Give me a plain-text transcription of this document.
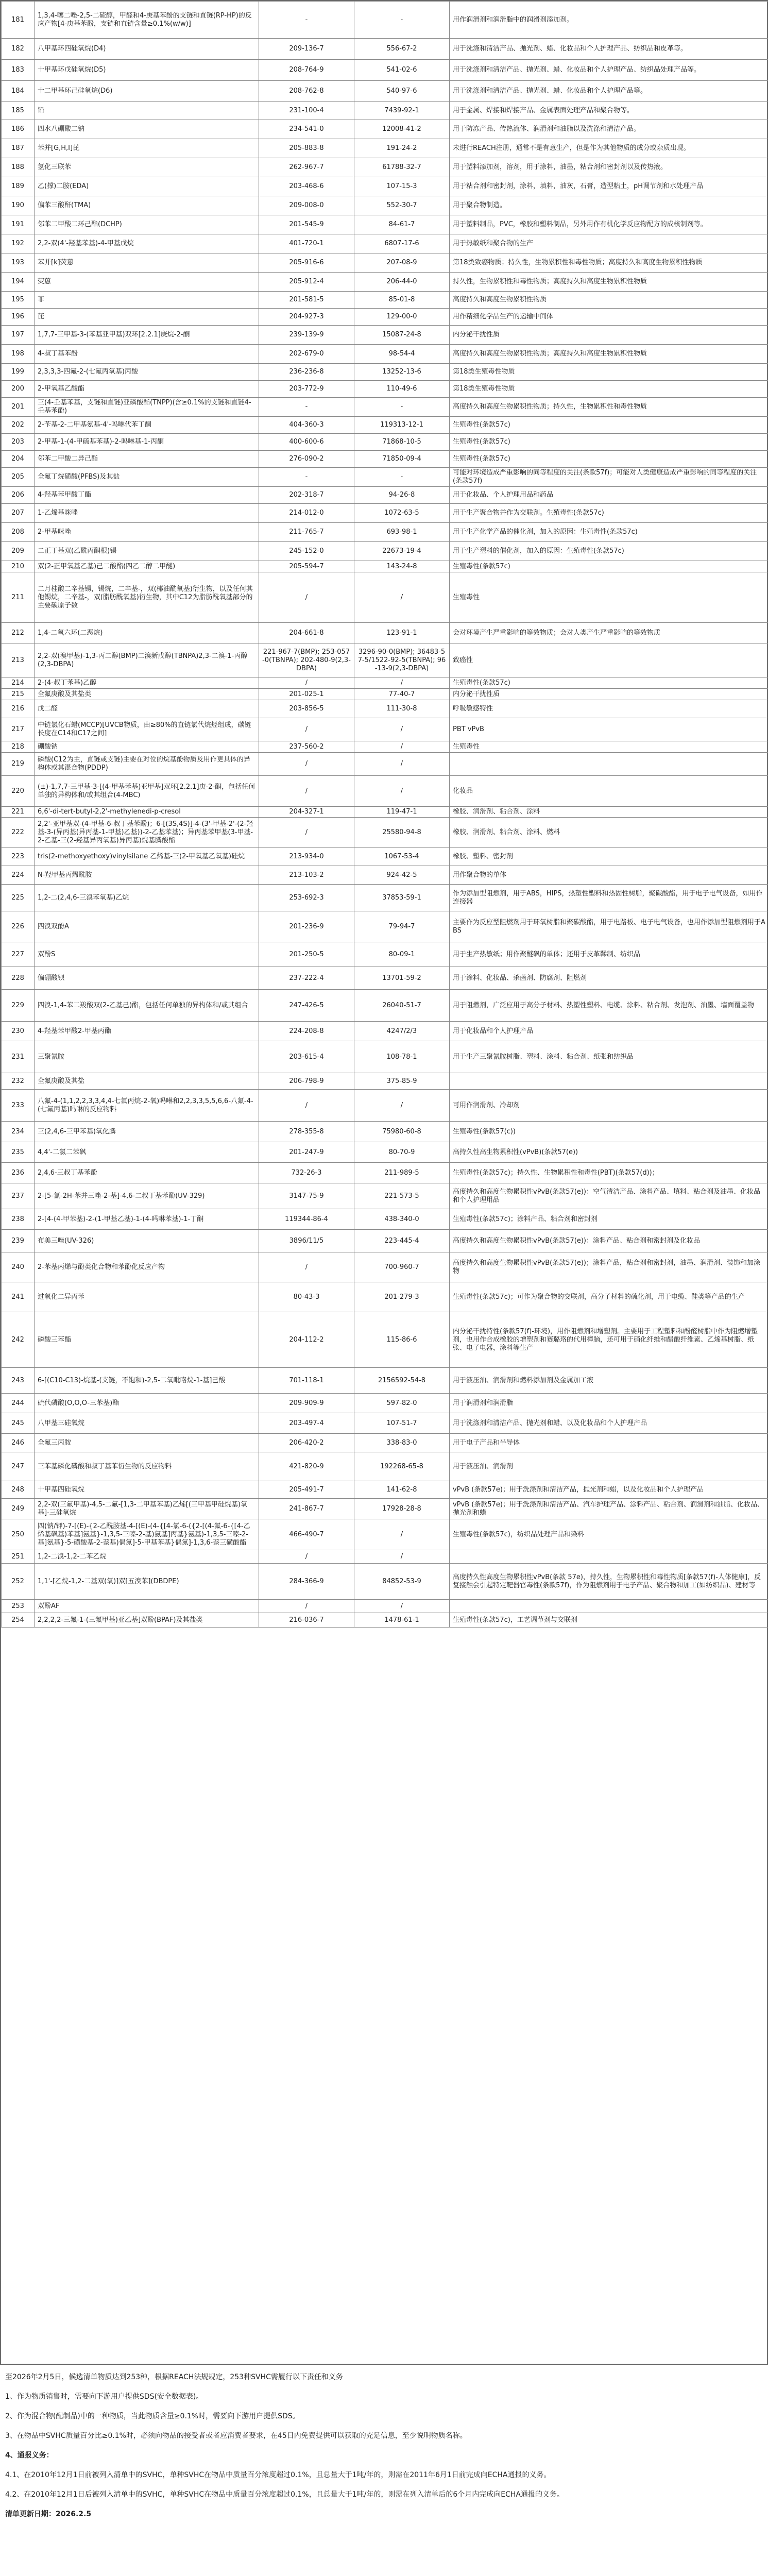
181	1,3,4-噻二唑-2,5-二硫醇，甲醛和4-庚基苯酚的支链和直链(RP-HP)的反应产物[4-庚基苯酚，支链和直链含量≥0.1%(w/w)]	-	-	用作润滑剂和润滑脂中的润滑剂添加剂。
182	八甲基环四硅氧烷(D4)	209-136-7	556-67-2	用于洗涤和清洁产品、抛光剂、蜡、化妆品和个人护理产品、纺织品和皮革等。
183	十甲基环戊硅氧烷(D5)	208-764-9	541-02-6	用于洗涤剂和清洁产品、抛光剂、蜡、化妆品和个人护理产品、纺织品处理产品等。
184	十二甲基环己硅氧烷(D6)	208-762-8	540-97-6	用于洗涤剂和清洁产品、抛光剂、蜡、化妆品和个人护理产品等。
185	铅	231-100-4	7439-92-1	用于金属、焊接和焊接产品、金属表面处理产品和聚合物等。
186	四水八硼酸二钠	234-541-0	12008-41-2	用于防冻产品、传热流体、润滑剂和油脂以及洗涤和清洁产品。
187	苯并[G,H,I]芘	205-883-8	191-24-2	未进行REACH注册，通常不是有意生产，但是作为其他物质的成分或杂质出现。
188	氢化三联苯	262-967-7	61788-32-7	用于塑料添加剂，溶剂，用于涂料，油墨，粘合剂和密封剂以及传热液。
189	乙(撑)二胺(EDA)	203-468-6	107-15-3	用于粘合剂和密封剂，涂料，填料，油灰，石膏，造型粘土，pH调节剂和水处理产品
190	偏苯三酸酐(TMA)	209-008-0	552-30-7	用于聚合物制造。
191	邻苯二甲酸二环己酯(DCHP)	201-545-9	84-61-7	用于塑料制品，PVC，橡胶和塑料制品，另外用作有机化学反应物配方的成核制剂等。
192	2,2-双(4'-羟基苯基)-4-甲基戊烷	401-720-1	6807-17-6	用于热敏纸和聚合物的生产
193	苯并[k]荧蒽	205-916-6	207-08-9	第18类致癌物质；持久性，生物累积性和毒性物质；高度持久和高度生物累积性物质
194	荧蒽	205-912-4	206-44-0	持久性，生物累积性和毒性物质；高度持久和高度生物累积性物质
195	菲	201-581-5	85-01-8	高度持久和高度生物累积性物质
196	芘	204-927-3	129-00-0	用作精细化学品生产的运输中间体
197	1,7,7-三甲基-3-(苯基亚甲基)双环[2.2.1]庚烷-2-酮	239-139-9	15087-24-8	内分泌干扰性质
198	4-叔丁基苯酚	202-679-0	98-54-4	高度持久和高度生物累积性物质；高度持久和高度生物累积性物质
199	2,3,3,3-四氟-2-(七氟丙氧基)丙酸	236-236-8	13252-13-6	第18类生殖毒性物质
200	2-甲氧基乙酸酯	203-772-9	110-49-6	第18类生殖毒性物质
201	三(4-壬基苯基，支链和直链)亚磷酸酯(TNPP)(含≥0.1%的支链和直链4-壬基苯酚)	-	-	高度持久和高度生物累积性物质；持久性，生物累积性和毒性物质
202	2-苄基-2-二甲基氨基-4'-吗啉代苯丁酮	404-360-3	119313-12-1	生殖毒性(条款57c)
203	2-甲基-1-(4-甲硫基苯基)-2-吗啉基-1-丙酮	400-600-6	71868-10-5	生殖毒性(条款57c)
204	邻苯二甲酸二异己酯	276-090-2	71850-09-4	生殖毒性(条款57c)
205	全氟丁烷磺酸(PFBS)及其盐	-	-	可能对环境造成严重影响的同等程度的关注(条款57f)；可能对人类健康造成严重影响的同等程度的关注(条款57f)
206	4-羟基苯甲酸丁酯	202-318-7	94-26-8	用于化妆品、个人护理用品和药品
207	1-乙烯基咪唑	214-012-0	1072-63-5	用于生产聚合物并作为交联剂。生殖毒性(条款57c)
208	2-甲基咪唑	211-765-7	693-98-1	用于生产化学产品的催化剂，加入的原因：生殖毒性(条款57c)
209	二正丁基双(乙酰丙酮根)锡	245-152-0	22673-19-4	用于生产塑料的催化剂，加入的原因：生殖毒性(条款57c)
210	双(2-正甲氧基乙基)己二酸酯(四乙二醇二甲醚)	205-594-7	143-24-8	生殖毒性(条款57c)
211	二月桂酸二辛基锡，锡烷，二辛基-，双(椰油酰氧基)衍生物，以及任何其他锡烷，二辛基-，双(脂肪酰氧基)衍生物，其中C12为脂肪酰氧基部分的主要碳原子数	/	/	生殖毒性
212	1,4-二氧六环(二恶烷)	204-661-8	123-91-1	会对环境产生严重影响的等效物质；会对人类产生严重影响的等效物质
213	2,2-双(溴甲基)-1,3-丙二醇(BMP)二溴新戊醇(TBNPA)2,3-二溴-1-丙醇(2,3-DBPA)	221-967-7(BMP); 253-057-0(TBNPA); 202-480-9(2,3-DBPA)	3296-90-0(BMP); 36483-57-5/1522-92-5(TBNPA); 96-13-9(2,3-DBPA)	致癌性
214	2-(4-叔丁苯基)乙醇	/	/	生殖毒性(条款57c)
215	全氟庚酸及其盐类	201-025-1	77-40-7	内分泌干扰性质
216	戊二醛	203-856-5	111-30-8	呼吸敏感特性
217	中链氯化石蜡(MCCP)[UVCB物质，由≥80%的直链氯代烷烃组成，碳链长度在C14和C17之间]	/	/	PBT vPvB
218	硼酸钠	237-560-2	/	生殖毒性
219	磷酸(C12为主，直链或支链)主要在对位的烷基酚物质及用作更具体的异构体或其混合物(PDDP)	/	/	
220	(±)-1,7,7-三甲基-3-[(4-甲基苯基)亚甲基]双环[2.2.1]庚-2-酮，包括任何单独的异构体和/或其组合(4-MBC)	/	/	化妆品
221	6,6'-di-tert-butyl-2,2'-methylenedi-p-cresol	204-327-1	119-47-1	橡胶、润滑剂、粘合剂、涂料
222	2,2'-亚甲基双-(4-甲基-6-叔丁基苯酚)；6-[(3S,4S)]-4-(3'-甲基-2'-(2-羟基-3-(异丙基(异丙基-1-甲基)乙基))-2-乙基苯基)；异丙基苯甲基(3-甲基-2-乙基-三(2-羟基异丙氧基)异丙基)烷基膦酸酯	/	25580-94-8	橡胶、润滑剂、粘合剂、涂料、燃料
223	tris(2-methoxyethoxy)vinylsilane 乙烯基-三(2-甲氧基乙氧基)硅烷	213-934-0	1067-53-4	橡胶、塑料、密封剂
224	N-羟甲基丙烯酰胺	213-103-2	924-42-5	用作聚合物的单体
225	1,2-二(2,4,6-三溴苯氧基)乙烷	253-692-3	37853-59-1	作为添加型阻燃剂，用于ABS，HIPS，热塑性塑料和热固性树脂，聚碳酸酯，用于电子电气设备，如用作连接器
226	四溴双酚A	201-236-9	79-94-7	主要作为反应型阻燃剂用于环氧树脂和聚碳酸酯，用于电路板、电子电气设备，也用作添加型阻燃剂用于ABS
227	双酚S	201-250-5	80-09-1	用于生产热敏纸；用作聚醚砜的单体；还用于皮革鞣制、纺织品
228	偏硼酸钡	237-222-4	13701-59-2	用于涂料、化妆品、杀菌剂、防腐剂、阻燃剂
229	四溴-1,4-苯二羧酸双(2-乙基己)酯，包括任何单独的异构体和/或其组合	247-426-5	26040-51-7	用于阻燃剂，广泛应用于高分子材料、热塑性塑料、电缆、涂料、粘合剂、发泡剂、油墨、墙面覆盖物
230	4-羟基苯甲酸2-甲基丙酯	224-208-8	4247/2/3	用于化妆品和个人护理产品
231	三聚氰胺	203-615-4	108-78-1	用于生产三聚氰胺树脂、塑料、涂料、粘合剂、纸张和纺织品
232	全氟庚酸及其盐	206-798-9	375-85-9	
233	八氟-4-(1,1,2,2,3,3,4,4-七氟丙烷-2-氧)吗啉和2,2,3,3,5,5,6,6-八氟-4-(七氟丙基)吗啉的反应物料	/	/	可用作润滑剂、冷却剂
234	三(2,4,6-三甲苯基)氧化膦	278-355-8	75980-60-8	生殖毒性(条款57(c))
235	4,4'-二氯二苯砜	201-247-9	80-70-9	高持久性高生物累积性(vPvB)(条款57(e))
236	2,4,6-三叔丁基苯酚	732-26-3	211-989-5	生殖毒性(条款57c)；持久性、生物累积性和毒性(PBT)(条款57(d))；
237	2-[5-氯-2H-苯并三唑-2-基]-4,6-二叔丁基苯酚(UV-329)	3147-75-9	221-573-5	高度持久和高度生物累积性vPvB(条款57(e))：空气清洁产品、涂料产品、填料、粘合剂及油墨、化妆品和个人护理用品
238	2-[4-(4-甲苯基)-2-(1-甲基乙基)-1-(4-吗啉苯基)-1-丁酮	119344-86-4	438-340-0	生殖毒性(条款57c)；涂料产品、粘合剂和密封剂
239	布美三唑(UV-326)	3896/11/5	223-445-4	高度持久和高度生物累积性vPvB(条款57(e))：涂料产品、粘合剂和密封剂及化妆品
240	2-苯基丙烯与酚类化合物和苯酚化反应产物	/	700-960-7	高度持久和高度生物累积性vPvB(条款57(e))；涂料产品，粘合剂和密封剂，油墨、润滑剂、装饰和加涂物
241	过氧化二异丙苯	80-43-3	201-279-3	生殖毒性(条款57c)；可作为聚合物的交联剂，高分子材料的硫化剂，用于电缆、鞋类等产品的生产
242	磷酸三苯酯	204-112-2	115-86-6	内分泌干扰特性(条款57(f)-环境)，用作阻燃剂和增塑剂。主要用于工程塑料和酚醛树脂中作为阻燃增塑剂，也用作合成橡胶的增塑剂和赛璐珞的代用樟脑，还可用于硝化纤维和醋酸纤维素、乙烯基树脂、纸张、电子电器，涂料等生产
243	6-[(C10-C13)-烷基-(支链，不饱和)-2,5-二氧吡咯烷-1-基]己酸	701-118-1	2156592-54-8	用于液压油、润滑剂和燃料添加剂及金属加工液
244	硫代磷酸(O,O,O-三苯基)酯	209-909-9	597-82-0	用于润滑剂和润滑脂
245	八甲基三硅氧烷	203-497-4	107-51-7	用于洗涤剂和清洁产品、抛光剂和蜡、以及化妆品和个人护理产品
246	全氟三丙胺	206-420-2	338-83-0	用于电子产品和半导体
247	三苯基磷化磷酸和叔丁基苯衍生物的反应物料	421-820-9	192268-65-8	用于液压油、润滑剂
248	十甲基四硅氧烷	205-491-7	141-62-8	vPvB (条款57e)；用于洗涤剂和清洁产品，抛光剂和蜡，以及化妆品和个人护理产品
249	2,2-双(三氟甲基)-4,5-二氟-[1,3-二甲基苯基)乙烯[(三甲基甲硅烷基)氧基]-三硅氧烷	241-867-7	17928-28-8	vPvB (条款57e)；用于洗涤剂和清洁产品、汽车护理产品、涂料产品、粘合剂、润滑剂和油脂、化妆品、抛光剂和蜡
250	四(钠/钾)-7-[(E)-{2-乙酰胺基-4-[(E)-(4-{[4-氯-6-({2-[(4-氟-6-{[4-乙烯基砜基)苯基]氨基}-1,3,5-三嗪-2-基)氨基]丙基}氨基)-1,3,5-三嗪-2-基]氨基}-5-磺酸基-2-萘基)偶氮]-5-甲基苯基}偶氮]-1,3,6-萘三磺酸酯	466-490-7	/	生殖毒性(条款57c)，纺织品处理产品和染料
251	1,2-二溴-1,2-二苯乙烷	/	/	
252	1,1'-[乙烷-1,2-二基双(氧)]双[五溴苯](DBDPE)	284-366-9	84852-53-9	高度持久性高度生物累积性vPvB(条款 57e)，持久性，生物累积性和毒性物质[条款57(f)-人体健康]，反复接触会引起特定靶器官毒性(条款57f)，作为阻燃剂用于电子产品、聚合物和加工(如纺织品)、建材等
253	双酚AF	/	/	
254	2,2,2,2-三氟-1-(三氟甲基)亚乙基]双酚(BPAF)及其盐类	216-036-7	1478-61-1	生殖毒性(条款57c)，工艺调节剂与交联剂

至2026年2月5日，候选清单物质达到253种，根据REACH法规规定，253种SVHC需履行以下责任和义务

1、作为物质销售时，需要向下游用户提供SDS(安全数据表)。

2、作为混合物(配制品)中的一种物质，当此物质含量≥0.1%时，需要向下游用户提供SDS。

3、在物品中SVHC质量百分比≥0.1%时，必须向物品的接受者或者应消费者要求，在45日内免费提供可以获取的充足信息，至少说明物质名称。

4、通报义务：

4.1、在2010年12月1日前被列入清单中的SVHC，单种SVHC在物品中质量百分浓度超过0.1%，且总量大于1吨/年的，则需在2011年6月1日前完成向ECHA通报的义务。

4.2、在2010年12月1日后被列入清单中的SVHC，单种SVHC在物品中质量百分浓度超过0.1%，且总量大于1吨/年的，则需在列入清单后的6个月内完成向ECHA通报的义务。

清单更新日期：2026.2.5
